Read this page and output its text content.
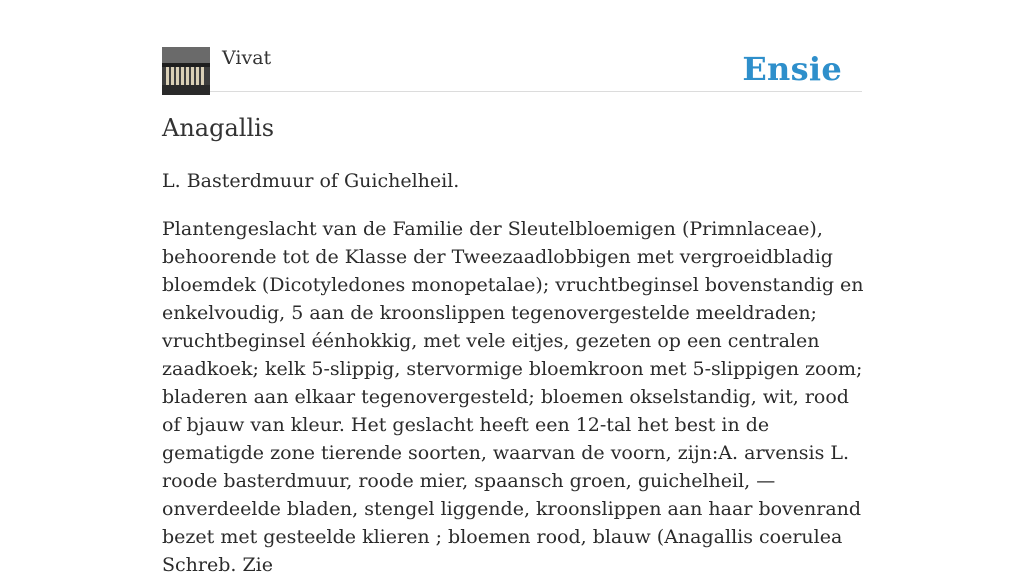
Vivat	Ensie
Anagallis

L. Basterdmuur of Guichelheil.

Plantengeslacht van de Familie der Sleutelbloemigen (Primnlaceae), behoorende tot de Klasse der Tweezaadlobbigen met vergroeidbladig bloemdek (Dicotyledones monopetalae); vruchtbeginsel bovenstandig en enkelvoudig, 5 aan de kroonslippen tegenovergestelde meeldraden; vruchtbeginsel éénhokkig, met vele eitjes, gezeten op een centralen zaadkoek; kelk 5-slippig, stervormige bloemkroon met 5-slippigen zoom; bladeren aan elkaar tegenovergesteld; bloemen okselstandig, wit, rood of bjauw van kleur. Het geslacht heeft een 12-tal het best in de gematigde zone tierende soorten, waarvan de voorn, zijn:A. arvensis L. roode basterdmuur, roode mier, spaansch groen, guichelheil, — onverdeelde bladen, stengel liggende, kroonslippen aan haar bovenrand bezet met gesteelde klieren ; bloemen rood, blauw (Anagallis coerulea Schreb. Zie
